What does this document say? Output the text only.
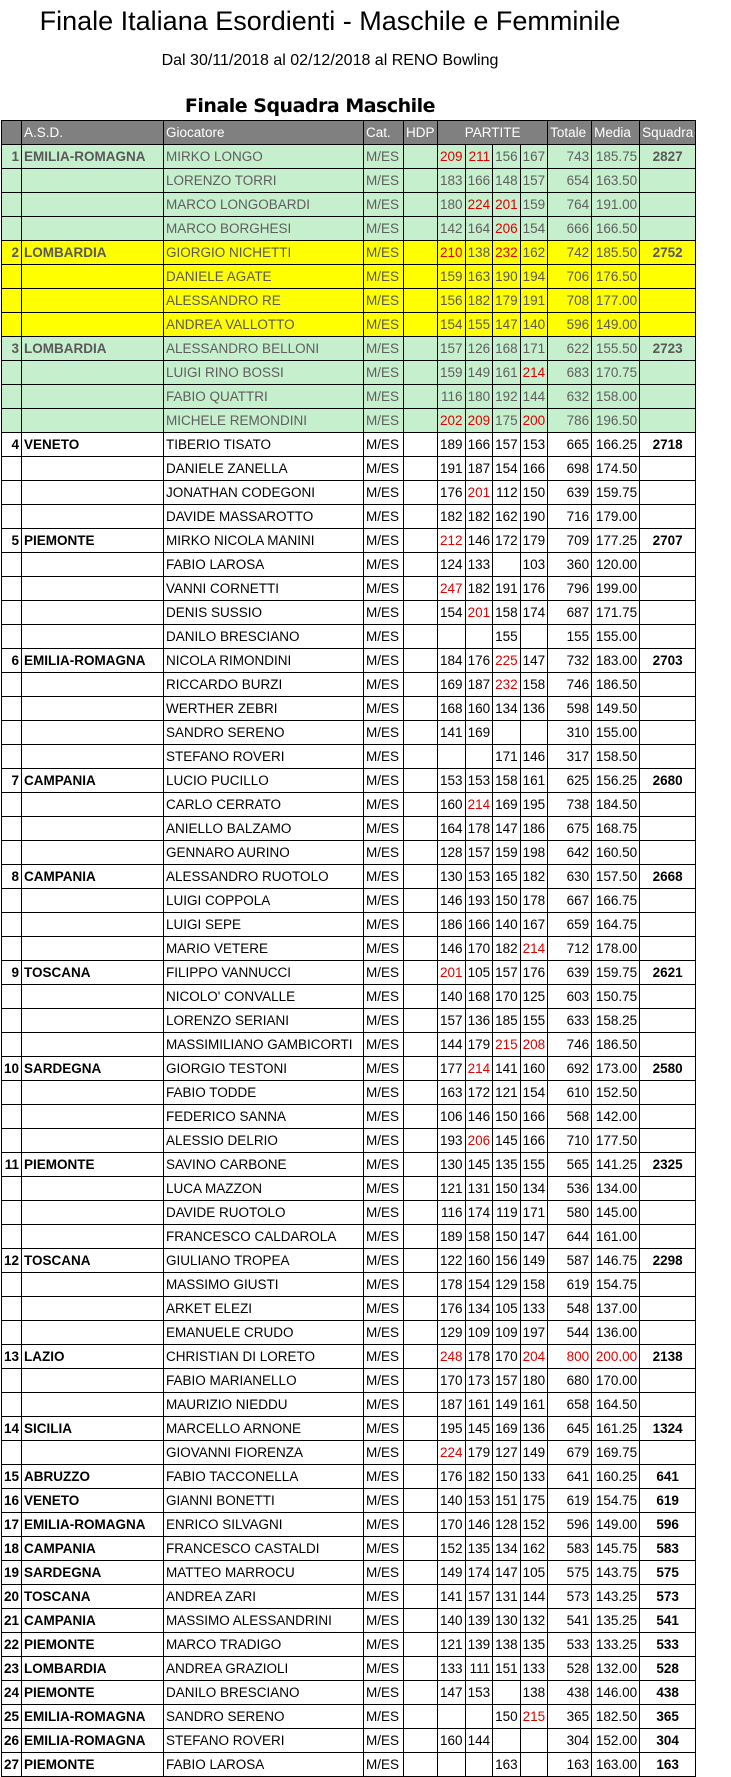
Finale Italiana Esordienti - Maschile e Femminile
Dal 30/11/2018 al 02/12/2018 al RENO Bowling
Finale Squadra Maschile
	A.S.D.	Giocatore	Cat.	HDP	PARTITE				Totale	Media	Squadra
1	EMILIA-ROMAGNA	MIRKO LONGO	M/ES		209	211	156	167	743	185.75	2827
		LORENZO TORRI	M/ES		183	166	148	157	654	163.50	
		MARCO LONGOBARDI	M/ES		180	224	201	159	764	191.00	
		MARCO BORGHESI	M/ES		142	164	206	154	666	166.50	
2	LOMBARDIA	GIORGIO NICHETTI	M/ES		210	138	232	162	742	185.50	2752
		DANIELE AGATE	M/ES		159	163	190	194	706	176.50	
		ALESSANDRO RE	M/ES		156	182	179	191	708	177.00	
		ANDREA VALLOTTO	M/ES		154	155	147	140	596	149.00	
3	LOMBARDIA	ALESSANDRO BELLONI	M/ES		157	126	168	171	622	155.50	2723
		LUIGI RINO BOSSI	M/ES		159	149	161	214	683	170.75	
		FABIO QUATTRI	M/ES		116	180	192	144	632	158.00	
		MICHELE REMONDINI	M/ES		202	209	175	200	786	196.50	
4	VENETO	TIBERIO TISATO	M/ES		189	166	157	153	665	166.25	2718
		DANIELE ZANELLA	M/ES		191	187	154	166	698	174.50	
		JONATHAN CODEGONI	M/ES		176	201	112	150	639	159.75	
		DAVIDE MASSAROTTO	M/ES		182	182	162	190	716	179.00	
5	PIEMONTE	MIRKO NICOLA MANINI	M/ES		212	146	172	179	709	177.25	2707
		FABIO LAROSA	M/ES		124	133		103	360	120.00	
		VANNI CORNETTI	M/ES		247	182	191	176	796	199.00	
		DENIS SUSSIO	M/ES		154	201	158	174	687	171.75	
		DANILO BRESCIANO	M/ES				155		155	155.00	
6	EMILIA-ROMAGNA	NICOLA RIMONDINI	M/ES		184	176	225	147	732	183.00	2703
		RICCARDO BURZI	M/ES		169	187	232	158	746	186.50	
		WERTHER ZEBRI	M/ES		168	160	134	136	598	149.50	
		SANDRO SERENO	M/ES		141	169			310	155.00	
		STEFANO ROVERI	M/ES				171	146	317	158.50	
7	CAMPANIA	LUCIO PUCILLO	M/ES		153	153	158	161	625	156.25	2680
		CARLO CERRATO	M/ES		160	214	169	195	738	184.50	
		ANIELLO BALZAMO	M/ES		164	178	147	186	675	168.75	
		GENNARO AURINO	M/ES		128	157	159	198	642	160.50	
8	CAMPANIA	ALESSANDRO RUOTOLO	M/ES		130	153	165	182	630	157.50	2668
		LUIGI COPPOLA	M/ES		146	193	150	178	667	166.75	
		LUIGI SEPE	M/ES		186	166	140	167	659	164.75	
		MARIO VETERE	M/ES		146	170	182	214	712	178.00	
9	TOSCANA	FILIPPO VANNUCCI	M/ES		201	105	157	176	639	159.75	2621
		NICOLO' CONVALLE	M/ES		140	168	170	125	603	150.75	
		LORENZO SERIANI	M/ES		157	136	185	155	633	158.25	
		MASSIMILIANO GAMBICORTI	M/ES		144	179	215	208	746	186.50	
10	SARDEGNA	GIORGIO TESTONI	M/ES		177	214	141	160	692	173.00	2580
		FABIO TODDE	M/ES		163	172	121	154	610	152.50	
		FEDERICO SANNA	M/ES		106	146	150	166	568	142.00	
		ALESSIO DELRIO	M/ES		193	206	145	166	710	177.50	
11	PIEMONTE	SAVINO CARBONE	M/ES		130	145	135	155	565	141.25	2325
		LUCA MAZZON	M/ES		121	131	150	134	536	134.00	
		DAVIDE RUOTOLO	M/ES		116	174	119	171	580	145.00	
		FRANCESCO CALDAROLA	M/ES		189	158	150	147	644	161.00	
12	TOSCANA	GIULIANO TROPEA	M/ES		122	160	156	149	587	146.75	2298
		MASSIMO GIUSTI	M/ES		178	154	129	158	619	154.75	
		ARKET ELEZI	M/ES		176	134	105	133	548	137.00	
		EMANUELE CRUDO	M/ES		129	109	109	197	544	136.00	
13	LAZIO	CHRISTIAN DI LORETO	M/ES		248	178	170	204	800	200.00	2138
		FABIO MARIANELLO	M/ES		170	173	157	180	680	170.00	
		MAURIZIO NIEDDU	M/ES		187	161	149	161	658	164.50	
14	SICILIA	MARCELLO ARNONE	M/ES		195	145	169	136	645	161.25	1324
		GIOVANNI FIORENZA	M/ES		224	179	127	149	679	169.75	
15	ABRUZZO	FABIO TACCONELLA	M/ES		176	182	150	133	641	160.25	641
16	VENETO	GIANNI BONETTI	M/ES		140	153	151	175	619	154.75	619
17	EMILIA-ROMAGNA	ENRICO SILVAGNI	M/ES		170	146	128	152	596	149.00	596
18	CAMPANIA	FRANCESCO CASTALDI	M/ES		152	135	134	162	583	145.75	583
19	SARDEGNA	MATTEO MARROCU	M/ES		149	174	147	105	575	143.75	575
20	TOSCANA	ANDREA ZARI	M/ES		141	157	131	144	573	143.25	573
21	CAMPANIA	MASSIMO ALESSANDRINI	M/ES		140	139	130	132	541	135.25	541
22	PIEMONTE	MARCO TRADIGO	M/ES		121	139	138	135	533	133.25	533
23	LOMBARDIA	ANDREA GRAZIOLI	M/ES		133	111	151	133	528	132.00	528
24	PIEMONTE	DANILO BRESCIANO	M/ES		147	153		138	438	146.00	438
25	EMILIA-ROMAGNA	SANDRO SERENO	M/ES				150	215	365	182.50	365
26	EMILIA-ROMAGNA	STEFANO ROVERI	M/ES		160	144			304	152.00	304
27	PIEMONTE	FABIO LAROSA	M/ES				163		163	163.00	163
